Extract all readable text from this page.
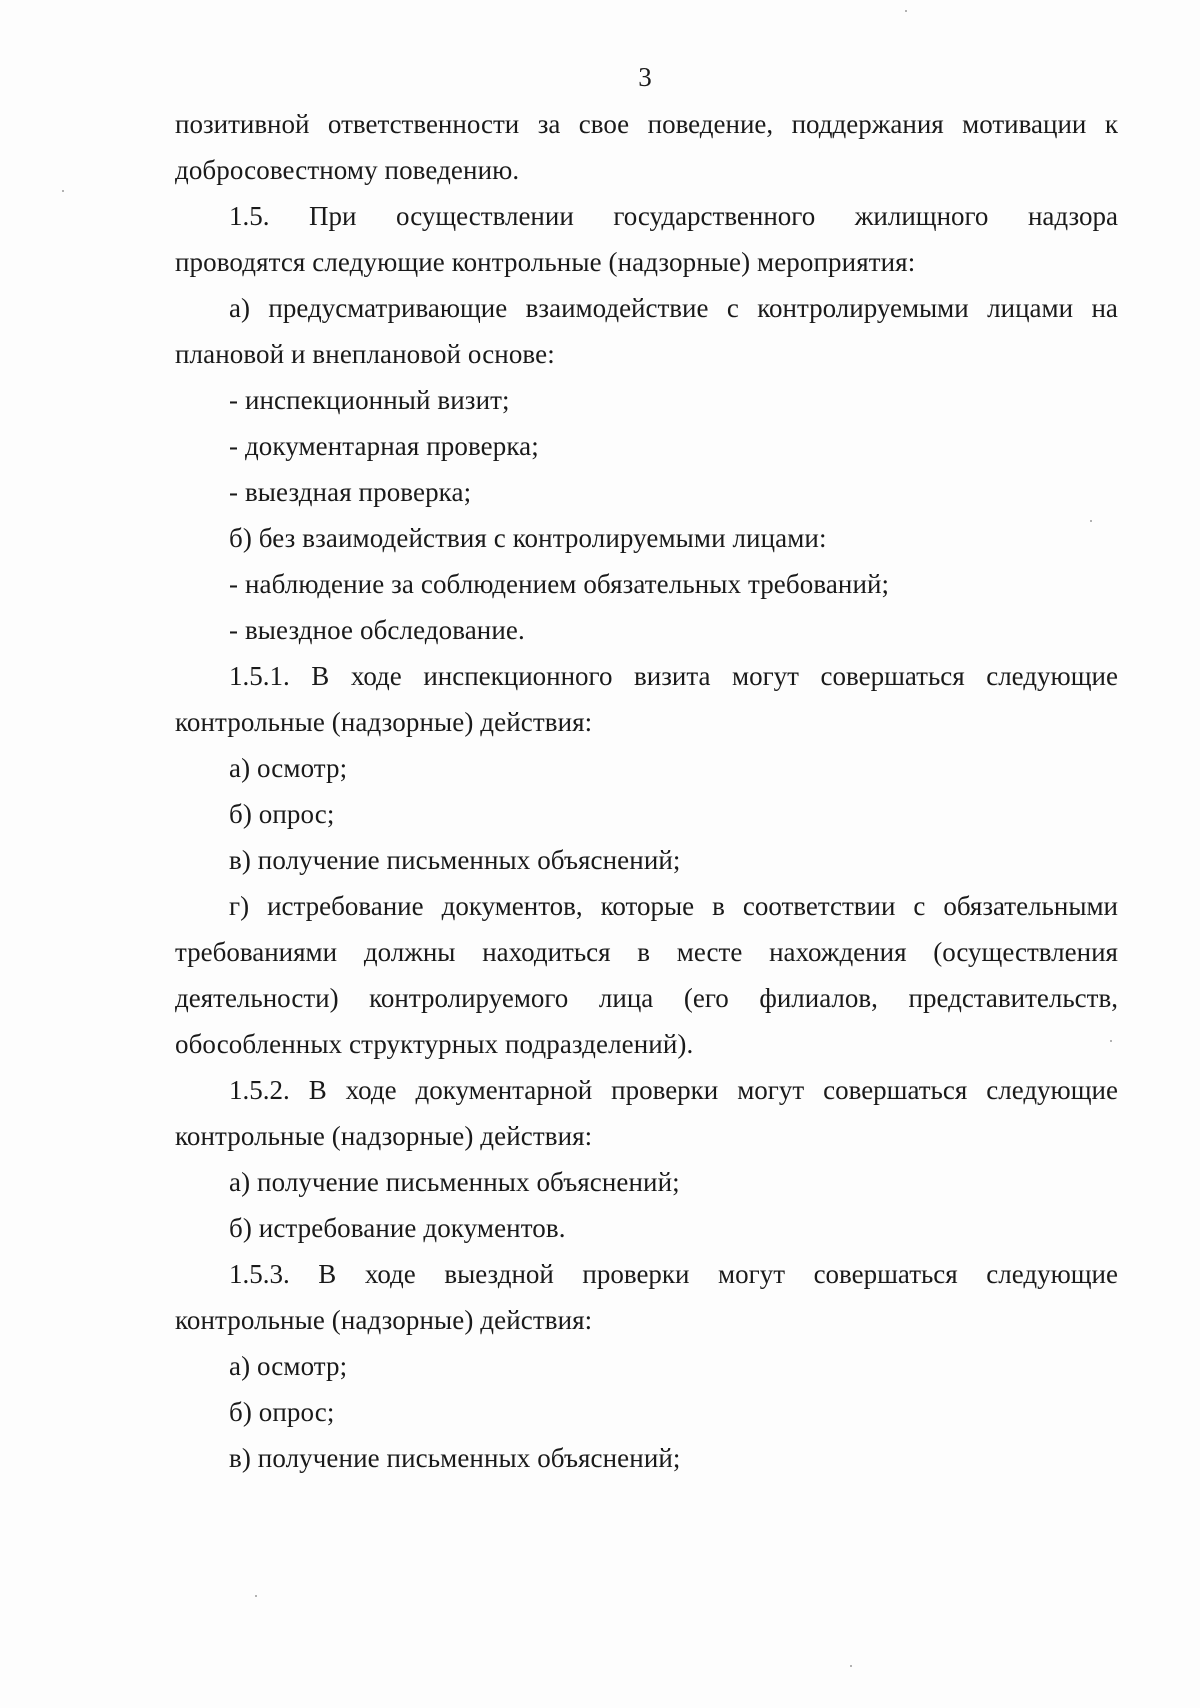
3
позитивной ответственности за свое поведение, поддержания мотивации к
добросовестному поведению.
1.5. При осуществлении государственного жилищного надзора
проводятся следующие контрольные (надзорные) мероприятия:
а) предусматривающие взаимодействие с контролируемыми лицами на
плановой и внеплановой основе:
- инспекционный визит;
- документарная проверка;
- выездная проверка;
б) без взаимодействия с контролируемыми лицами:
- наблюдение за соблюдением обязательных требований;
- выездное обследование.
1.5.1. В ходе инспекционного визита могут совершаться следующие
контрольные (надзорные) действия:
а) осмотр;
б) опрос;
в) получение письменных объяснений;
г) истребование документов, которые в соответствии с обязательными
требованиями должны находиться в месте нахождения (осуществления
деятельности) контролируемого лица (его филиалов, представительств,
обособленных структурных подразделений).
1.5.2. В ходе документарной проверки могут совершаться следующие
контрольные (надзорные) действия:
а) получение письменных объяснений;
б) истребование документов.
1.5.3. В ходе выездной проверки могут совершаться следующие
контрольные (надзорные) действия:
а) осмотр;
б) опрос;
в) получение письменных объяснений;
